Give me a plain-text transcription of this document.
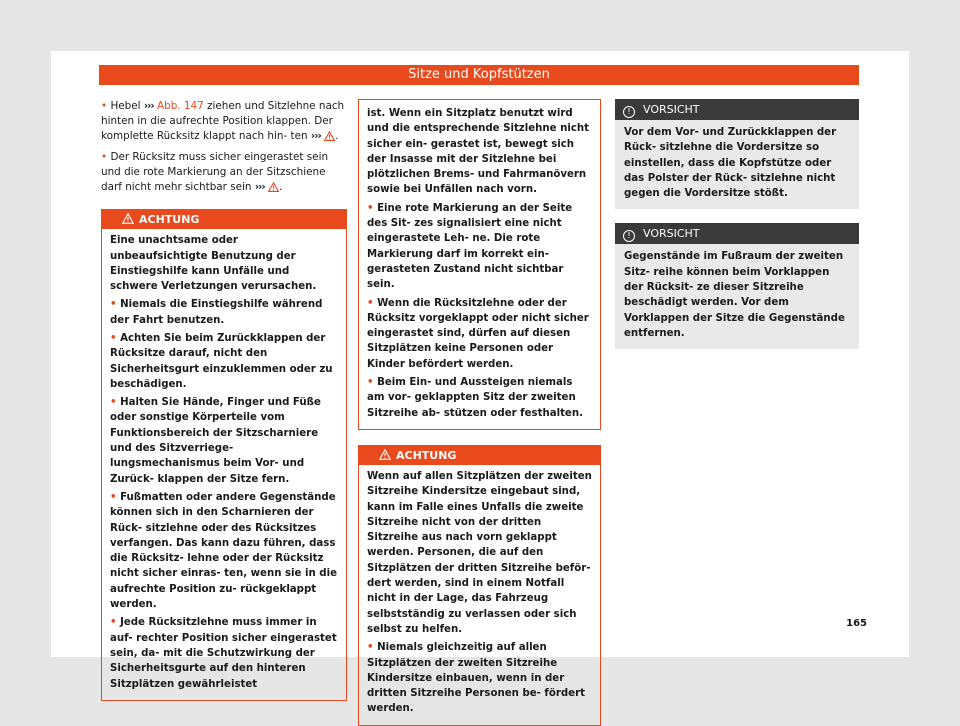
Sitze und Kopfstützen

• Hebel ››› Abb. 147 ziehen und Sitzlehne nach hinten in die aufrechte Position klappen. Der komplette Rücksitz klappt nach hin- ten ››› .

• Der Rücksitz muss sicher eingerastet sein und die rote Markierung an der Sitzschiene darf nicht mehr sichtbar sein ››› .

ACHTUNG

Eine unachtsame oder unbeaufsichtigte Benutzung der Einstiegshilfe kann Unfälle und schwere Verletzungen verursachen.

• Niemals die Einstiegshilfe während der Fahrt benutzen.

• Achten Sie beim Zurückklappen der Rücksitze darauf, nicht den Sicherheitsgurt einzuklemmen oder zu beschädigen.

• Halten Sie Hände, Finger und Füße oder sonstige Körperteile vom Funktionsbereich der Sitzscharniere und des Sitzverriege- lungsmechanismus beim Vor- und Zurück- klappen der Sitze fern.

• Fußmatten oder andere Gegenstände können sich in den Scharnieren der Rück- sitzlehne oder des Rücksitzes verfangen. Das kann dazu führen, dass die Rücksitz- lehne oder der Rücksitz nicht sicher einras- ten, wenn sie in die aufrechte Position zu- rückgeklappt werden.

• Jede Rücksitzlehne muss immer in auf- rechter Position sicher eingerastet sein, da- mit die Schutzwirkung der Sicherheitsgurte auf den hinteren Sitzplätzen gewährleistet

ist. Wenn ein Sitzplatz benutzt wird und die entsprechende Sitzlehne nicht sicher ein- gerastet ist, bewegt sich der Insasse mit der Sitzlehne bei plötzlichen Brems- und Fahrmanövern sowie bei Unfällen nach vorn.

• Eine rote Markierung an der Seite des Sit- zes signalisiert eine nicht eingerastete Leh- ne. Die rote Markierung darf im korrekt ein- gerasteten Zustand nicht sichtbar sein.

• Wenn die Rücksitzlehne oder der Rücksitz vorgeklappt oder nicht sicher eingerastet sind, dürfen auf diesen Sitzplätzen keine Personen oder Kinder befördert werden.

• Beim Ein- und Aussteigen niemals am vor- geklappten Sitz der zweiten Sitzreihe ab- stützen oder festhalten.

ACHTUNG

Wenn auf allen Sitzplätzen der zweiten Sitzreihe Kindersitze eingebaut sind, kann im Falle eines Unfalls die zweite Sitzreihe nicht von der dritten Sitzreihe aus nach vorn geklappt werden. Personen, die auf den Sitzplätzen der dritten Sitzreihe beför- dert werden, sind in einem Notfall nicht in der Lage, das Fahrzeug selbstständig zu verlassen oder sich selbst zu helfen.

• Niemals gleichzeitig auf allen Sitzplätzen der zweiten Sitzreihe Kindersitze einbauen, wenn in der dritten Sitzreihe Personen be- fördert werden.

! VORSICHT
Vor dem Vor- und Zurückklappen der Rück- sitzlehne die Vordersitze so einstellen, dass die Kopfstütze oder das Polster der Rück- sitzlehne nicht gegen die Vordersitze stößt.
! VORSICHT
Gegenstände im Fußraum der zweiten Sitz- reihe können beim Vorklappen der Rücksit- ze dieser Sitzreihe beschädigt werden. Vor dem Vorklappen der Sitze die Gegenstände entfernen.
165
